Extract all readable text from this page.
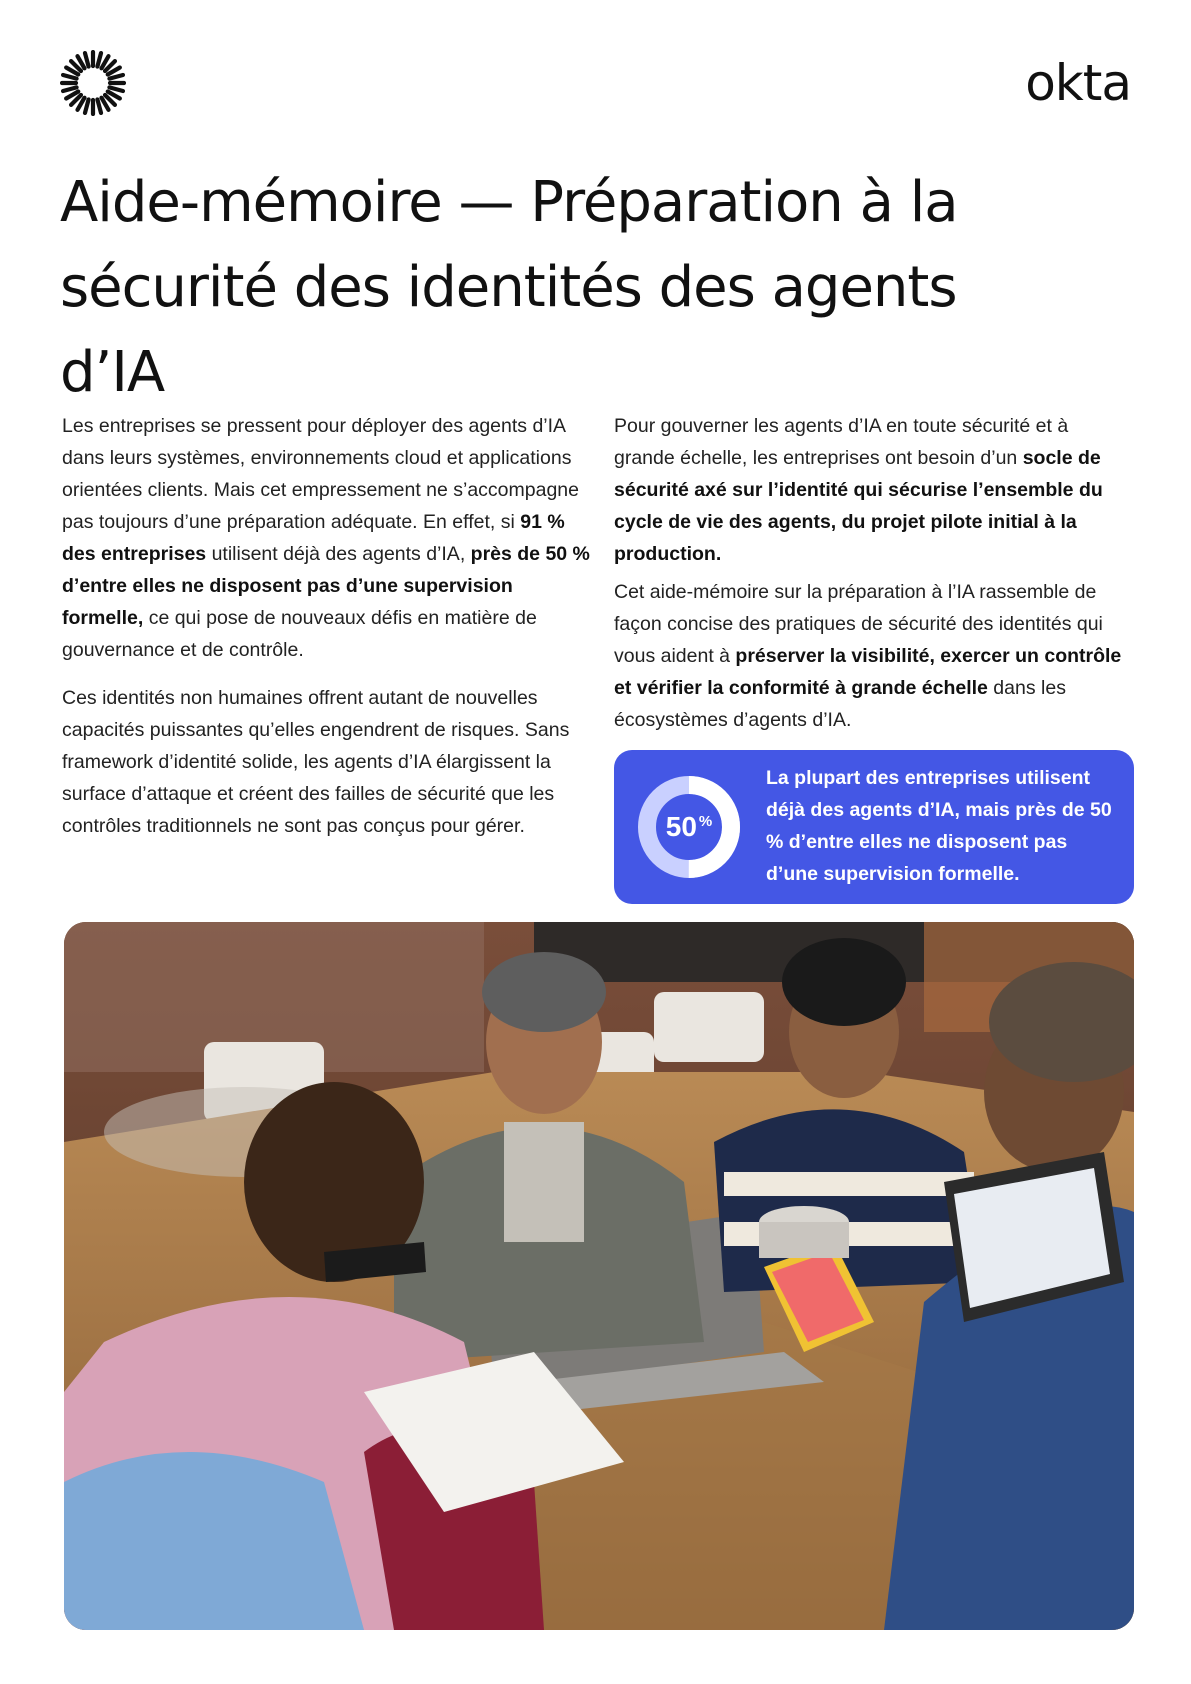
okta
Aide-mémoire — Préparation à la sécurité des identités des agents d’IA

Les entreprises se pressent pour déployer des agents d’IA dans leurs systèmes, environnements cloud et applications orientées clients. Mais cet empressement ne s’accompagne pas toujours d’une préparation adéquate. En effet, si 91 % des entreprises utilisent déjà des agents d’IA, près de 50 % d’entre elles ne disposent pas d’une supervision formelle, ce qui pose de nouveaux défis en matière de gouvernance et de contrôle.

Ces identités non humaines offrent autant de nouvelles capacités puissantes qu’elles engendrent de risques. Sans framework d’identité solide, les agents d’IA élargissent la surface d’attaque et créent des failles de sécurité que les contrôles traditionnels ne sont pas conçus pour gérer.

Pour gouverner les agents d’IA en toute sécurité et à grande échelle, les entreprises ont besoin d’un socle de sécurité axé sur l’identité qui sécurise l’ensemble du cycle de vie des agents, du projet pilote initial à la production.

Cet aide-mémoire sur la préparation à l’IA rassemble de façon concise des pratiques de sécurité des identités qui vous aident à préserver la visibilité, exercer un contrôle et vérifier la conformité à grande échelle dans les écosystèmes d’agents d’IA.

50 %
La plupart des entreprises utilisent déjà des agents d’IA, mais près de 50 % d’entre elles ne disposent pas d’une supervision formelle.
